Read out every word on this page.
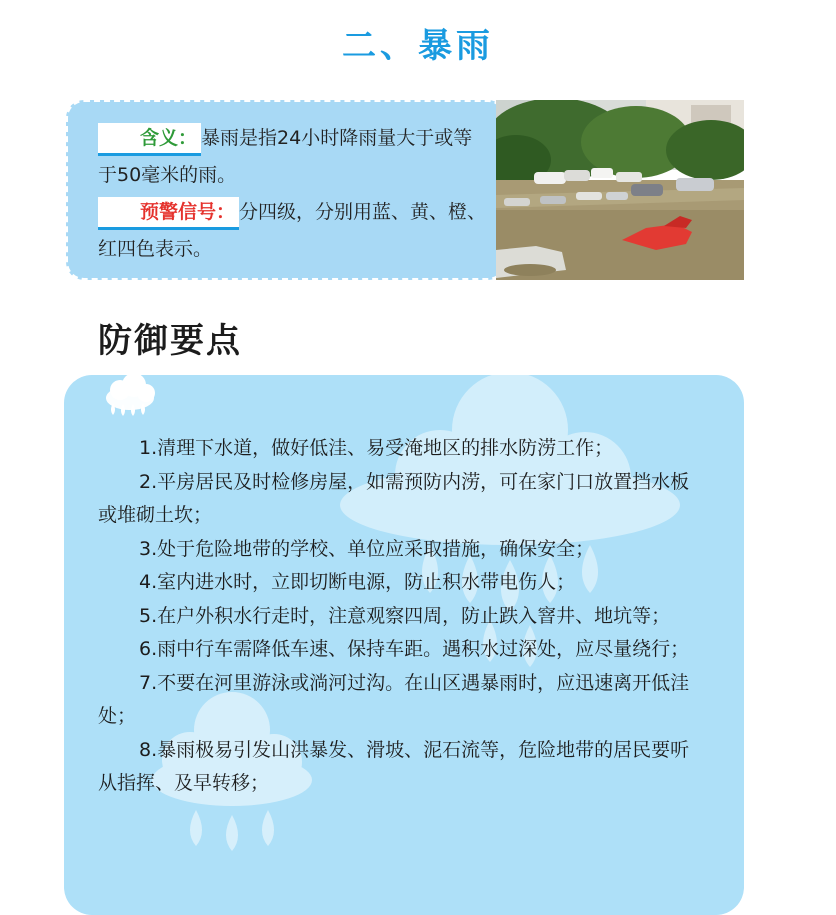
二、暴雨
含义： 暴雨是指24小时降雨量大于或等于50毫米的雨。
预警信号： 分四级，分别用蓝、黄、橙、红四色表示。
防御要点

1.清理下水道，做好低洼、易受淹地区的排水防涝工作；

2.平房居民及时检修房屋，如需预防内涝，可在家门口放置挡水板或堆砌土坎；

3.处于危险地带的学校、单位应采取措施，确保安全；

4.室内进水时，立即切断电源，防止积水带电伤人；

5.在户外积水行走时，注意观察四周，防止跌入窨井、地坑等；

6.雨中行车需降低车速、保持车距。遇积水过深处，应尽量绕行；

7.不要在河里游泳或淌河过沟。在山区遇暴雨时，应迅速离开低洼处；

8.暴雨极易引发山洪暴发、滑坡、泥石流等，危险地带的居民要听从指挥、及早转移；
